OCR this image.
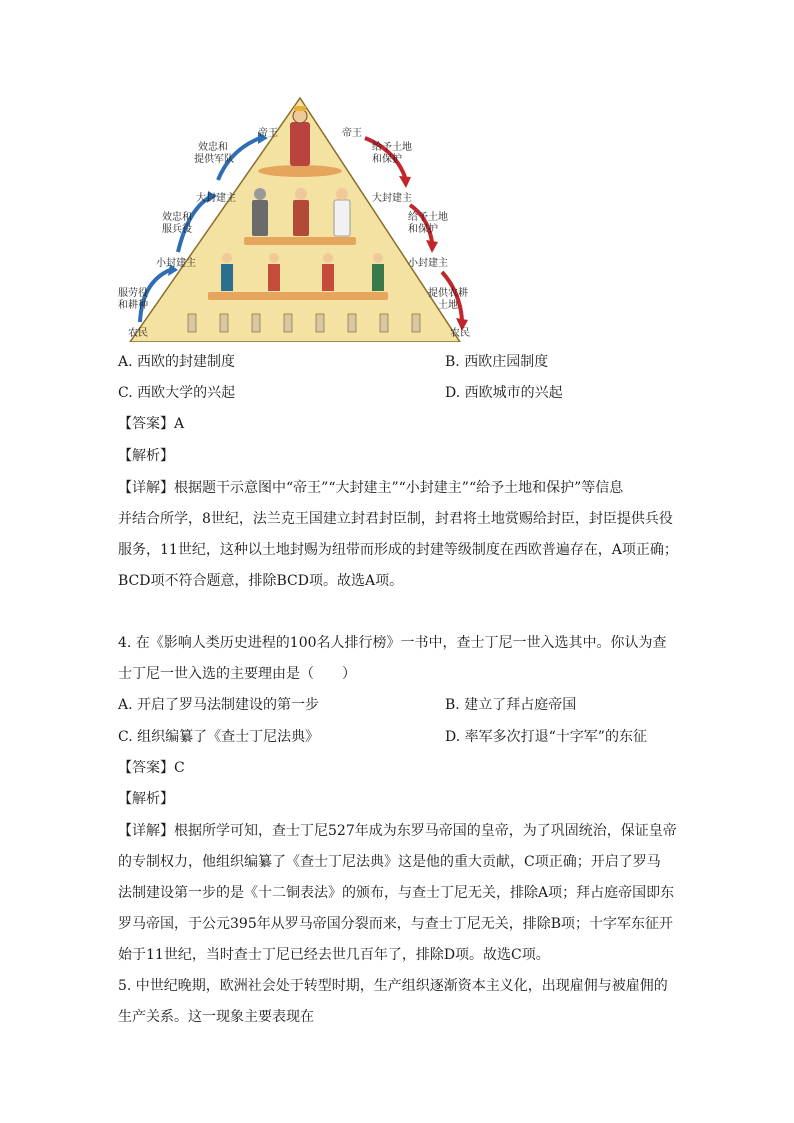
帝王	帝王
效忠和
提供军队
给予土地
和保护
大封建主	大封建主
效忠和
服兵役
给予土地
和保护
小封建主	小封建主
服劳役
和耕种
提供农耕
土地
农民	农民
A. 西欧的封建制度	B. 西欧庄园制度
C. 西欧大学的兴起	D. 西欧城市的兴起
【答案】A
【解析】
【详解】根据题干示意图中“帝王”“大封建主”“小封建主”“给予土地和保护”等信息
并结合所学，8世纪，法兰克王国建立封君封臣制，封君将土地赏赐给封臣，封臣提供兵役
服务，11世纪，这种以土地封赐为纽带而形成的封建等级制度在西欧普遍存在，A项正确；
BCD项不符合题意，排除BCD项。故选A项。
4. 在《影响人类历史进程的100名人排行榜》一书中，查士丁尼一世入选其中。你认为查
士丁尼一世入选的主要理由是（　　）
A. 开启了罗马法制建设的第一步	B. 建立了拜占庭帝国
C. 组织编纂了《查士丁尼法典》	D. 率军多次打退“十字军”的东征
【答案】C
【解析】
【详解】根据所学可知，查士丁尼527年成为东罗马帝国的皇帝，为了巩固统治，保证皇帝
的专制权力，他组织编纂了《查士丁尼法典》这是他的重大贡献，C项正确；开启了罗马
法制建设第一步的是《十二铜表法》的颁布，与查士丁尼无关，排除A项；拜占庭帝国即东
罗马帝国，于公元395年从罗马帝国分裂而来，与查士丁尼无关，排除B项；十字军东征开
始于11世纪，当时查士丁尼已经去世几百年了，排除D项。故选C项。
5. 中世纪晚期，欧洲社会处于转型时期，生产组织逐渐资本主义化，出现雇佣与被雇佣的
生产关系。这一现象主要表现在
